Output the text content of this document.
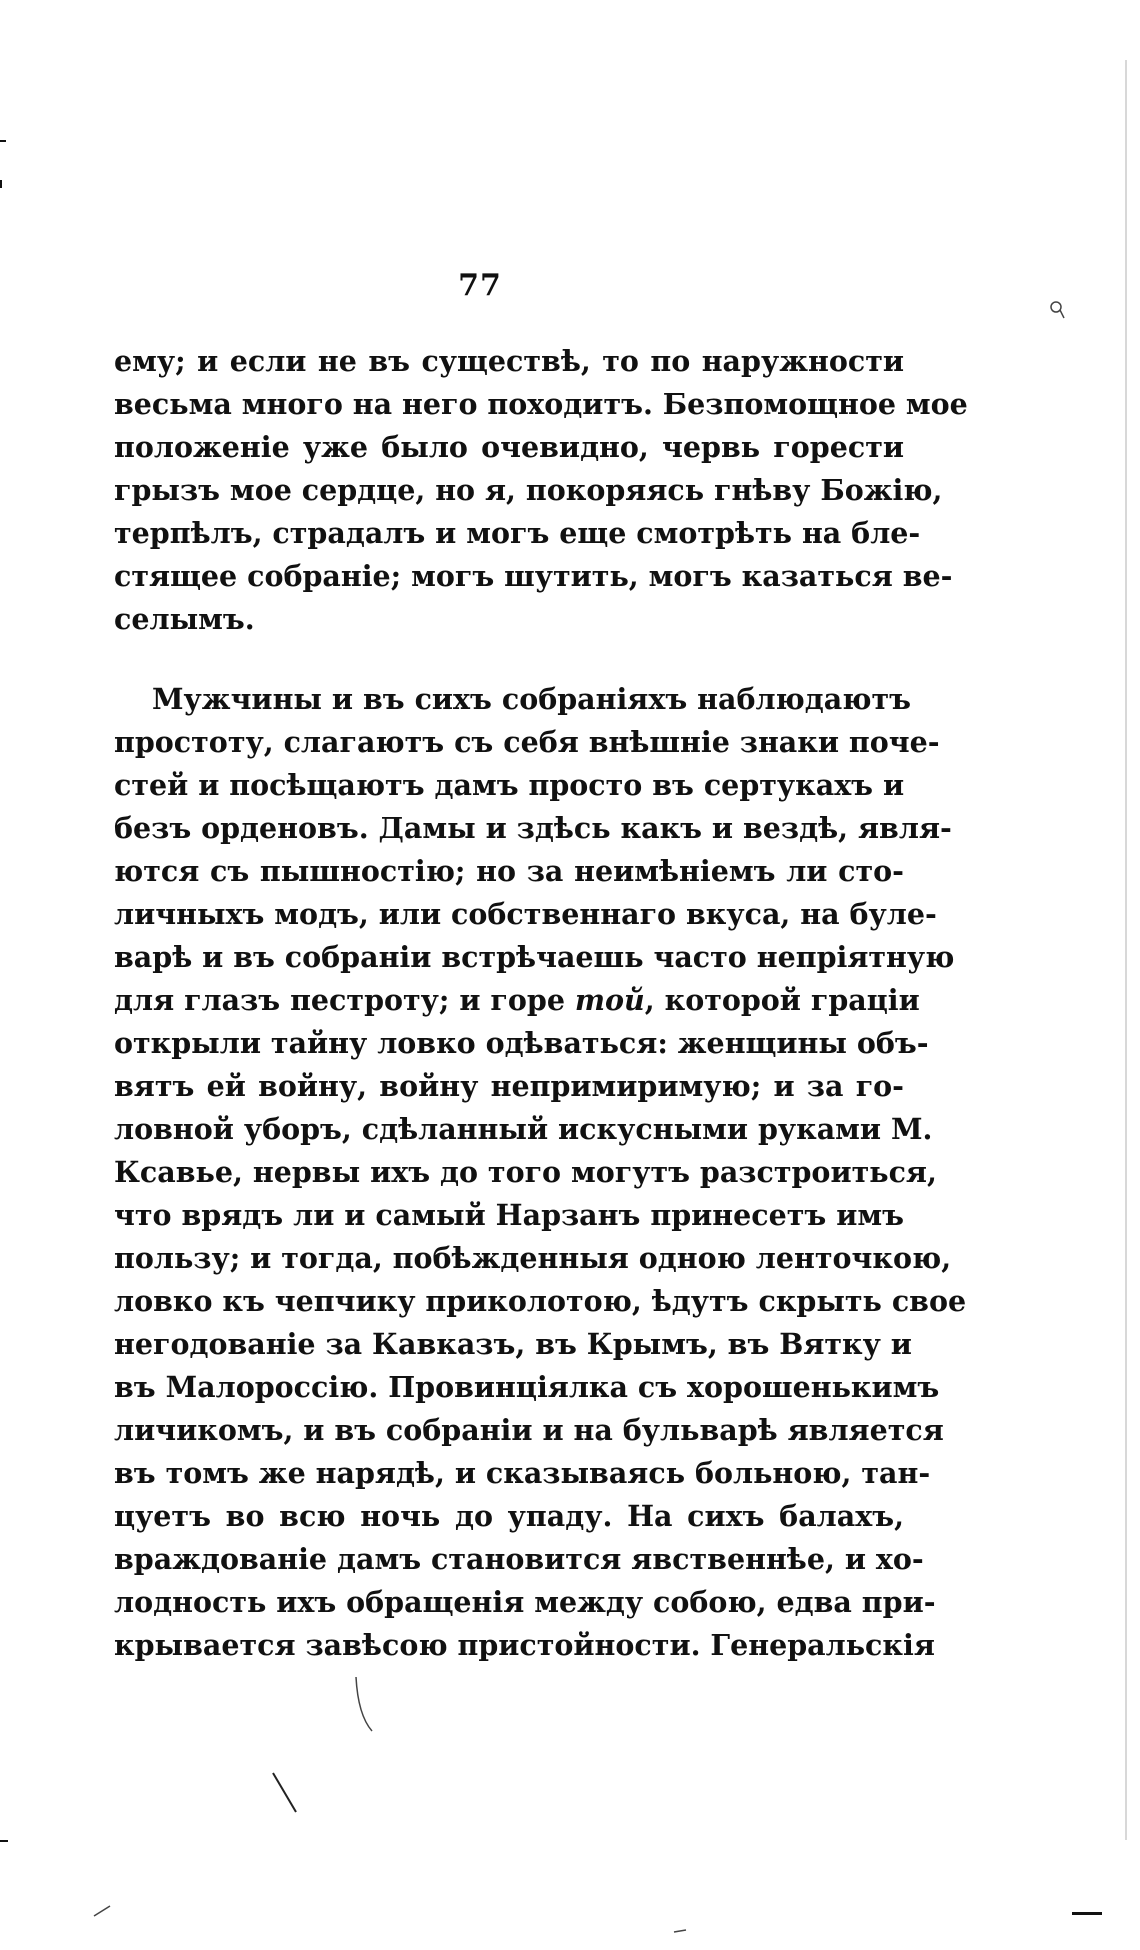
77
ему; и если не въ существѣ, то по наружности
весьма много на него походитъ. Безпомощное мое
положеніе уже было очевидно, червь горести
грызъ мое сердце, но я, покоряясь гнѣву Божію,
терпѣлъ, страдалъ и могъ еще смотрѣть на бле-
стящее собраніе; могъ шутить, могъ казаться ве-
селымъ.
Мужчины и въ сихъ собраніяхъ наблюдаютъ
простоту, слагаютъ съ себя внѣшніе знаки поче-
стей и посѣщаютъ дамъ просто въ сертукахъ и
безъ орденовъ. Дамы и здѣсь какъ и вездѣ, явля-
ются съ пышностію; но за неимѣніемъ ли сто-
личныхъ модъ, или собственнаго вкуса, на буле-
варѣ и въ собраніи встрѣчаешь часто непріятную
для глазъ пестроту; и горе той, которой граціи
открыли тайну ловко одѣваться: женщины объ-
вятъ ей войну, войну непримиримую; и за го-
ловной уборъ, сдѣланный искусными руками М.
Ксавье, нервы ихъ до того могутъ разстроиться,
что врядъ ли и самый Нарзанъ принесетъ имъ
пользу; и тогда, побѣжденныя одною ленточкою,
ловко къ чепчику приколотою, ѣдутъ скрыть свое
негодованіе за Кавказъ, въ Крымъ, въ Вятку и
въ Малороссію. Провинціялка съ хорошенькимъ
личикомъ, и въ собраніи и на бульварѣ является
въ томъ же нарядѣ, и сказываясь больною, тан-
цуетъ во всю ночь до упаду. На сихъ балахъ,
враждованіе дамъ становится явственнѣе, и хо-
лодность ихъ обращенія между собою, едва при-
крывается завѣсою пристойности. Генеральскія
